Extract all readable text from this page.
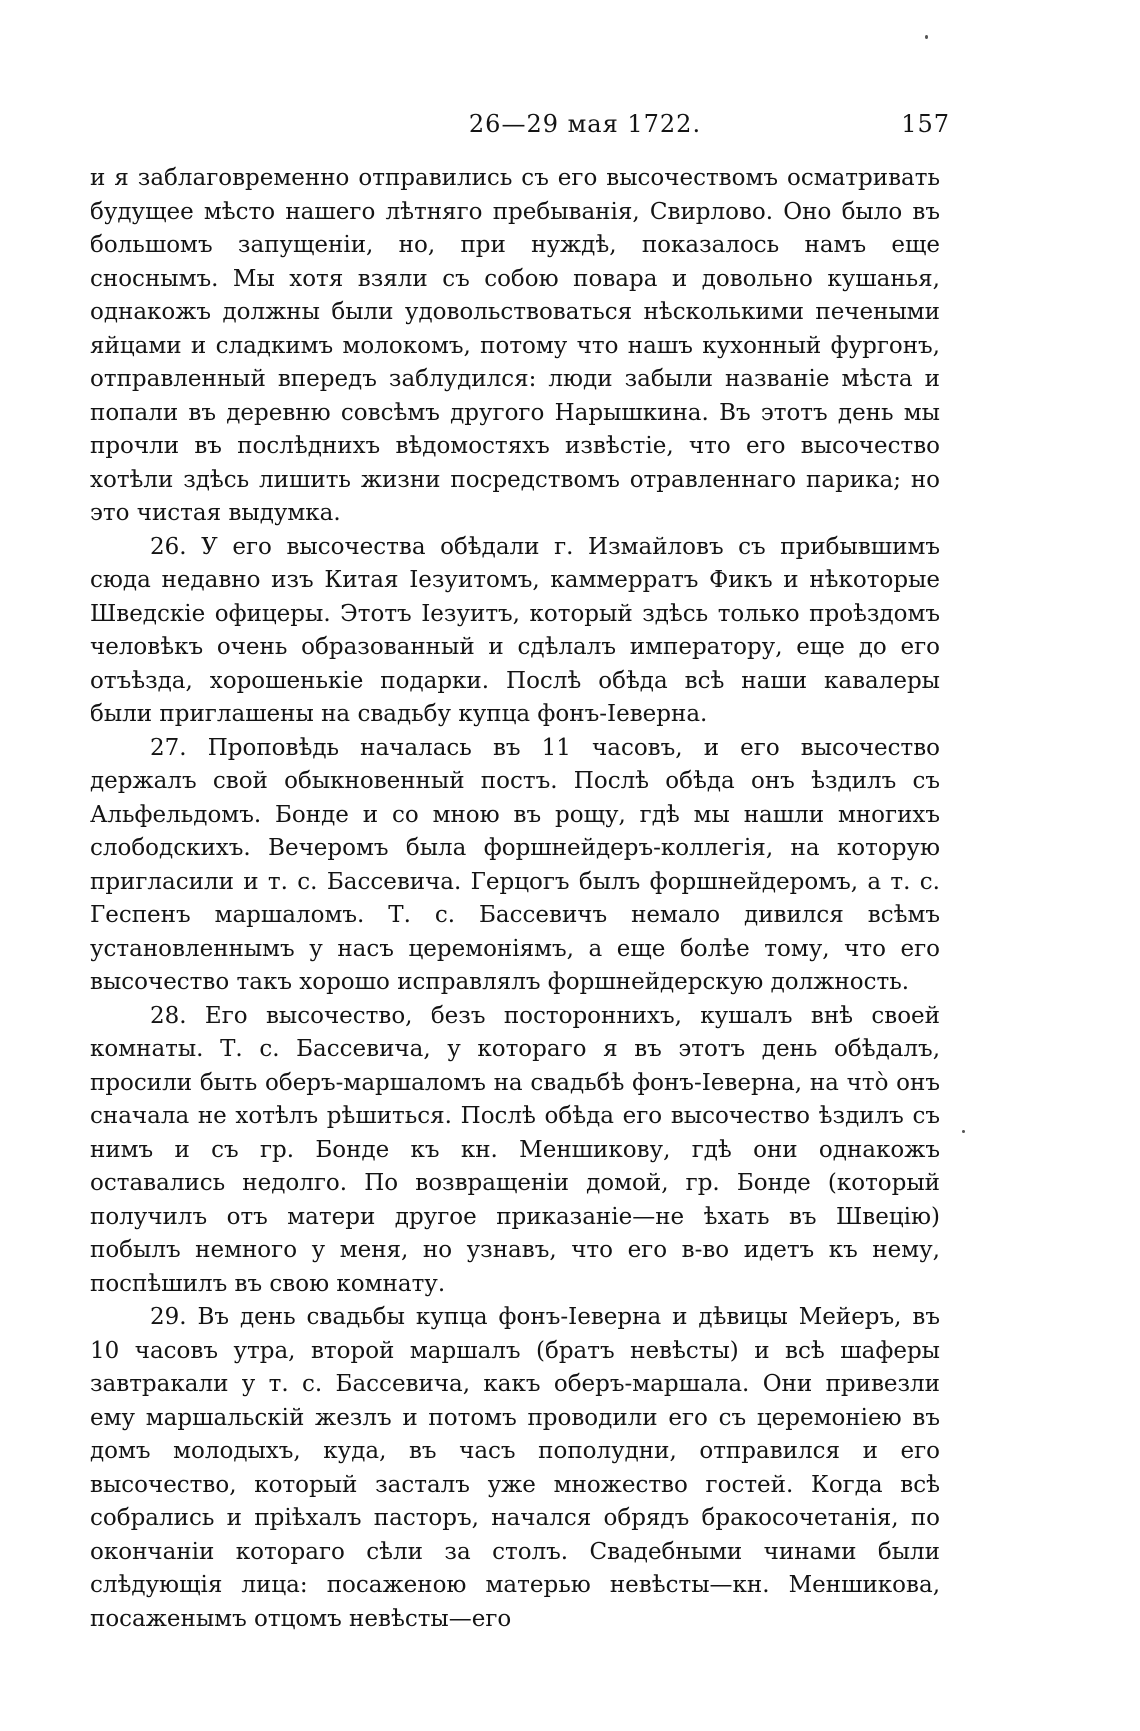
26—29 мая 1722.	157

и я заблаговременно отправились съ его высочествомъ осматривать будущее мѣсто нашего лѣтняго пребыванія, Свирлово. Оно было въ большомъ запущеніи, но, при нуждѣ, показалось намъ еще сноснымъ. Мы хотя взяли съ собою повара и довольно кушанья, однакожъ должны были удовольствоваться нѣсколькими печеными яйцами и сладкимъ молокомъ, потому что нашъ кухонный фургонъ, отправленный впередъ заблудился: люди забыли названіе мѣста и попали въ деревню совсѣмъ другого Нарышкина. Въ этотъ день мы прочли въ послѣднихъ вѣдомостяхъ извѣстіе, что его высочество хотѣли здѣсь лишить жизни посредствомъ отравленнаго парика; но это чистая выдумка.

26. У его высочества обѣдали г. Измайловъ съ прибывшимъ сюда недавно изъ Китая Іезуитомъ, каммерратъ Фикъ и нѣкоторые Шведскіе офицеры. Этотъ Іезуитъ, который здѣсь только проѣздомъ человѣкъ очень образованный и сдѣлалъ императору, еще до его отъѣзда, хорошенькіе подарки. Послѣ обѣда всѣ наши кавалеры были приглашены на свадьбу купца фонъ-Іеверна.

27. Проповѣдь началась въ 11 часовъ, и его высочество держалъ свой обыкновенный постъ. Послѣ обѣда онъ ѣздилъ съ Альфельдомъ. Бонде и со мною въ рощу, гдѣ мы нашли многихъ слободскихъ. Вечеромъ была форшнейдеръ-коллегія, на которую пригласили и т. с. Бассевича. Герцогъ былъ форшнейдеромъ, а т. с. Геспенъ маршаломъ. Т. с. Бассевичъ немало дивился всѣмъ установленнымъ у насъ церемоніямъ, а еще болѣе тому, что его высочество такъ хорошо исправлялъ форшнейдерскую должность.

28. Его высочество, безъ постороннихъ, кушалъ внѣ своей комнаты. Т. с. Бассевича, у котораго я въ этотъ день обѣдалъ, просили быть оберъ-маршаломъ на свадьбѣ фонъ-Іеверна, на чтò онъ сначала не хотѣлъ рѣшиться. Послѣ обѣда его высочество ѣздилъ съ нимъ и съ гр. Бонде къ кн. Меншикову, гдѣ они однакожъ оставались недолго. По возвращеніи домой, гр. Бонде (который получилъ отъ матери другое приказаніе—не ѣхать въ Швецію) побылъ немного у меня, но узнавъ, что его в-во идетъ къ нему, поспѣшилъ въ свою комнату.

29. Въ день свадьбы купца фонъ-Іеверна и дѣвицы Мейеръ, въ 10 часовъ утра, второй маршалъ (братъ невѣсты) и всѣ шаферы завтракали у т. с. Бассевича, какъ оберъ-маршала. Они привезли ему маршальскій жезлъ и потомъ проводили его съ церемоніею въ домъ молодыхъ, куда, въ часъ пополудни, отправился и его высочество, который засталъ уже множество гостей. Когда всѣ собрались и пріѣхалъ пасторъ, начался обрядъ бракосочетанія, по окончаніи котораго сѣли за столъ. Свадебными чинами были слѣдующія лица: посаженою матерью невѣсты—кн. Меншикова, посаженымъ отцомъ невѣсты—его
